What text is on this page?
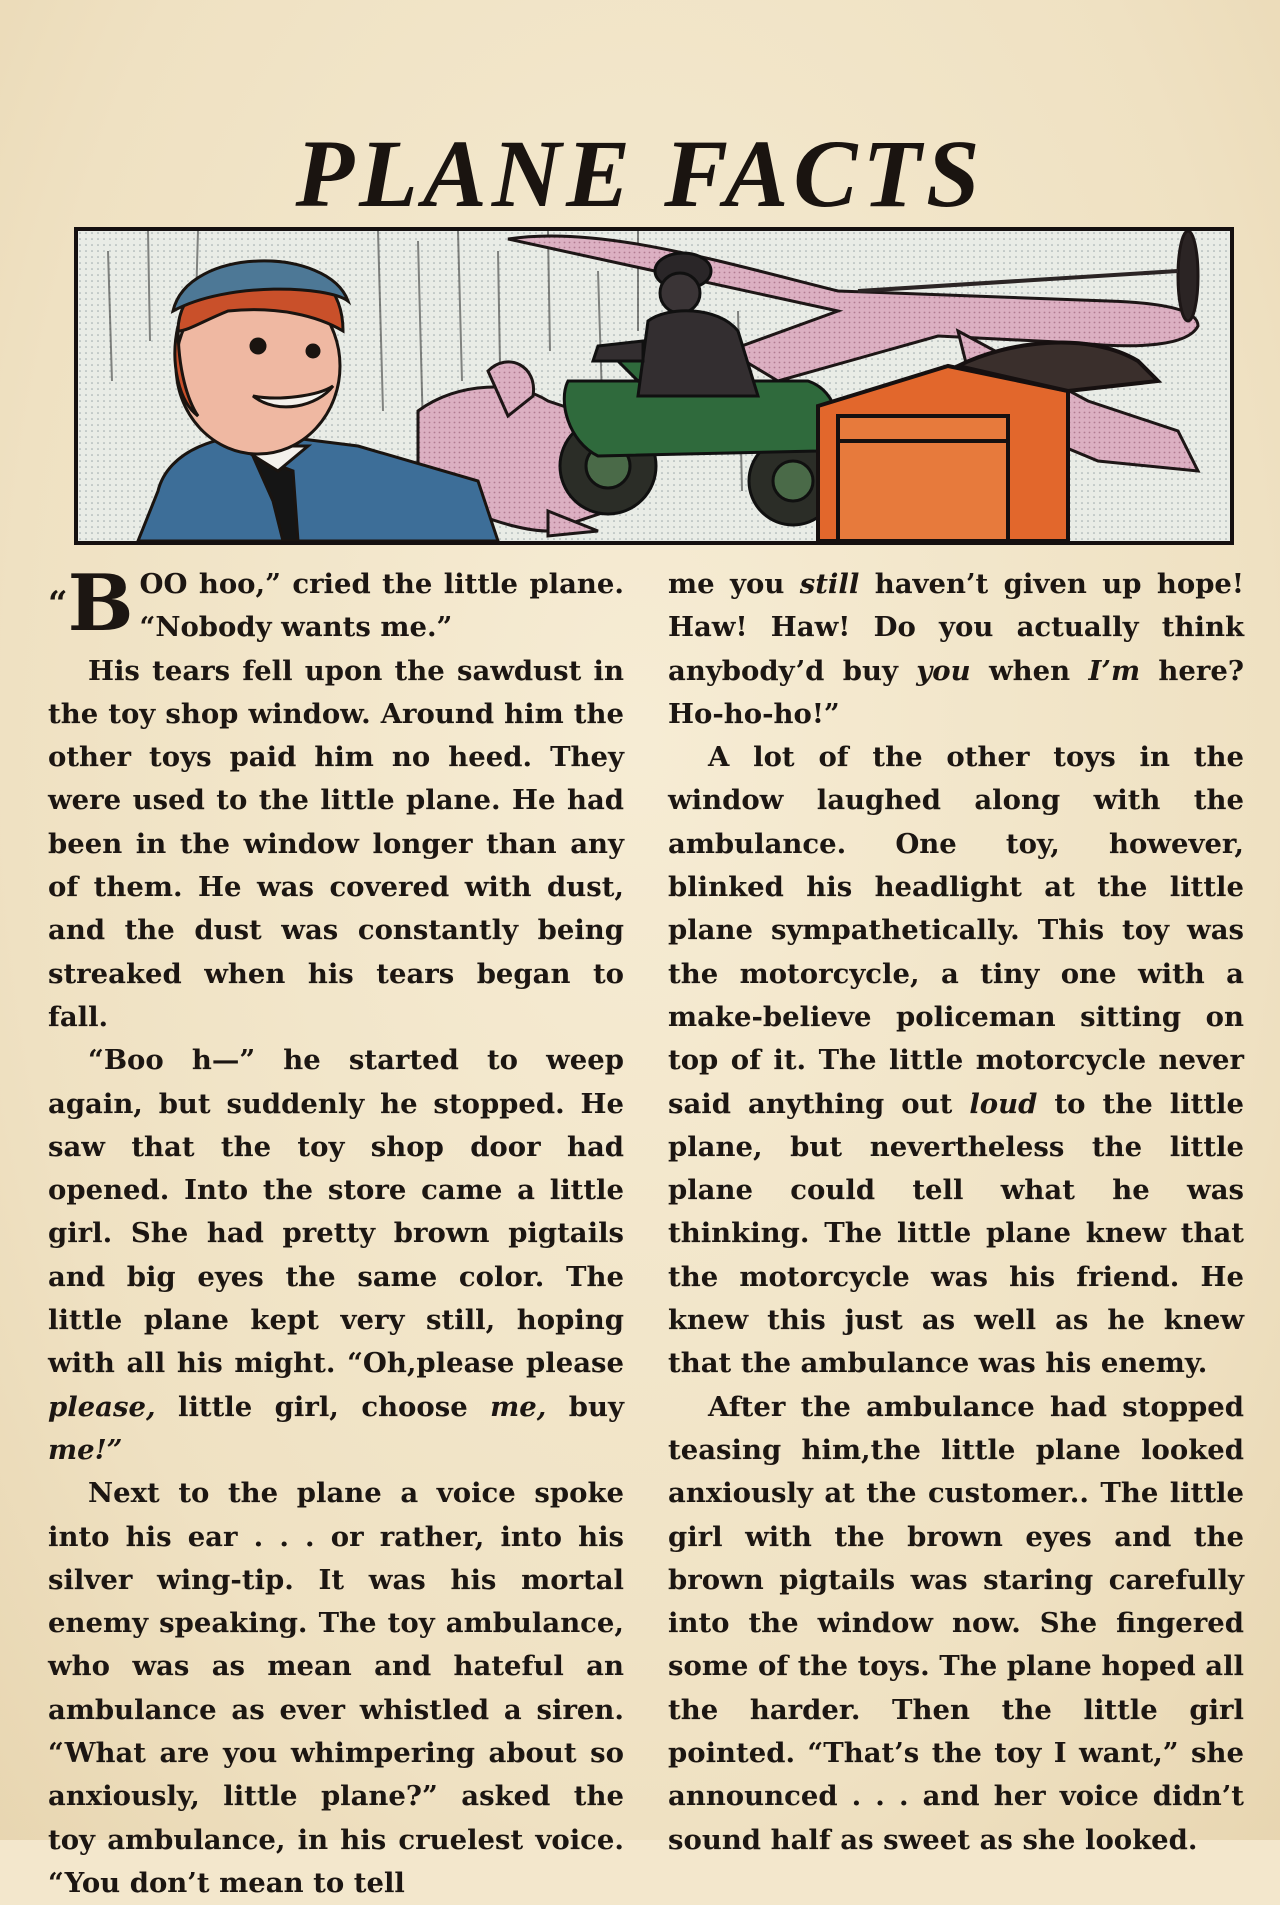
PLANE FACTS

“B OO hoo,” cried the little plane. “Nobody wants me.”

His tears fell upon the sawdust in the toy shop window. Around him the other toys paid him no heed. They were used to the little plane. He had been in the window longer than any of them. He was covered with dust, and the dust was constantly being streaked when his tears began to fall.

“Boo h—” he started to weep again, but suddenly he stopped. He saw that the toy shop door had opened. Into the store came a little girl. She had pretty brown pigtails and big eyes the same color. The little plane kept very still, hoping with all his might. “Oh,please please please, little girl, choose me, buy me!”

Next to the plane a voice spoke into his ear . . . or rather, into his silver wing-tip. It was his mortal enemy speaking. The toy ambulance, who was as mean and hateful an ambulance as ever whistled a siren. “What are you whimpering about so anxiously, little plane?” asked the toy ambulance, in his cruelest voice. “You don’t mean to tell

me you still haven’t given up hope! Haw! Haw! Do you actually think anybody’d buy you when I’m here? Ho-ho-ho!”

A lot of the other toys in the window laughed along with the ambulance. One toy, however, blinked his headlight at the little plane sympathetically. This toy was the motorcycle, a tiny one with a make-believe policeman sitting on top of it. The little motorcycle never said anything out loud to the little plane, but nevertheless the little plane could tell what he was thinking. The little plane knew that the motorcycle was his friend. He knew this just as well as he knew that the ambulance was his enemy.

After the ambulance had stopped teasing him,the little plane looked anxiously at the customer.. The little girl with the brown eyes and the brown pigtails was staring carefully into the window now. She fingered some of the toys. The plane hoped all the harder. Then the little girl pointed. “That’s the toy I want,” she announced . . . and her voice didn’t sound half as sweet as she looked.
